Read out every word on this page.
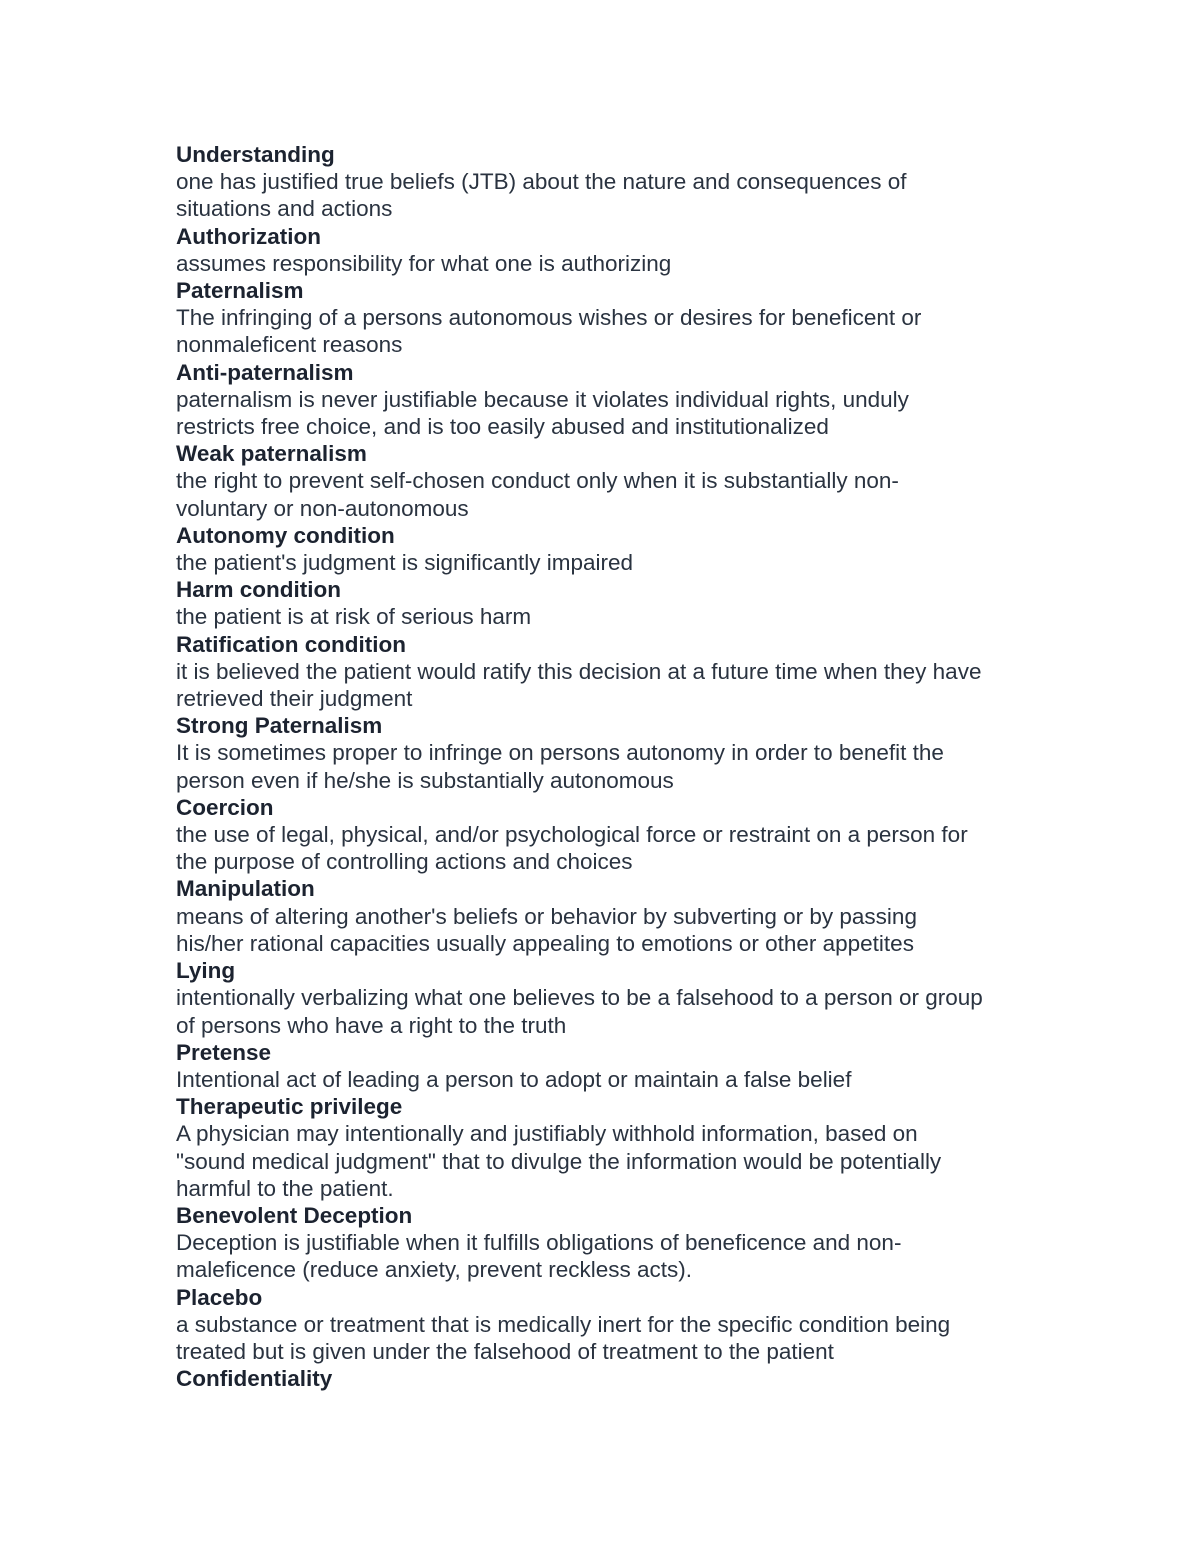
Understanding
one has justified true beliefs (JTB) about the nature and consequences of
situations and actions
Authorization
assumes responsibility for what one is authorizing
Paternalism
The infringing of a persons autonomous wishes or desires for beneficent or
nonmaleficent reasons
Anti-paternalism
paternalism is never justifiable because it violates individual rights, unduly
restricts free choice, and is too easily abused and institutionalized
Weak paternalism
the right to prevent self-chosen conduct only when it is substantially non-
voluntary or non-autonomous
Autonomy condition
the patient's judgment is significantly impaired
Harm condition
the patient is at risk of serious harm
Ratification condition
it is believed the patient would ratify this decision at a future time when they have
retrieved their judgment
Strong Paternalism
It is sometimes proper to infringe on persons autonomy in order to benefit the
person even if he/she is substantially autonomous
Coercion
the use of legal, physical, and/or psychological force or restraint on a person for
the purpose of controlling actions and choices
Manipulation
means of altering another's beliefs or behavior by subverting or by passing
his/her rational capacities usually appealing to emotions or other appetites
Lying
intentionally verbalizing what one believes to be a falsehood to a person or group
of persons who have a right to the truth
Pretense
Intentional act of leading a person to adopt or maintain a false belief
Therapeutic privilege
A physician may intentionally and justifiably withhold information, based on
"sound medical judgment" that to divulge the information would be potentially
harmful to the patient.
Benevolent Deception
Deception is justifiable when it fulfills obligations of beneficence and non-
maleficence (reduce anxiety, prevent reckless acts).
Placebo
a substance or treatment that is medically inert for the specific condition being
treated but is given under the falsehood of treatment to the patient
Confidentiality
